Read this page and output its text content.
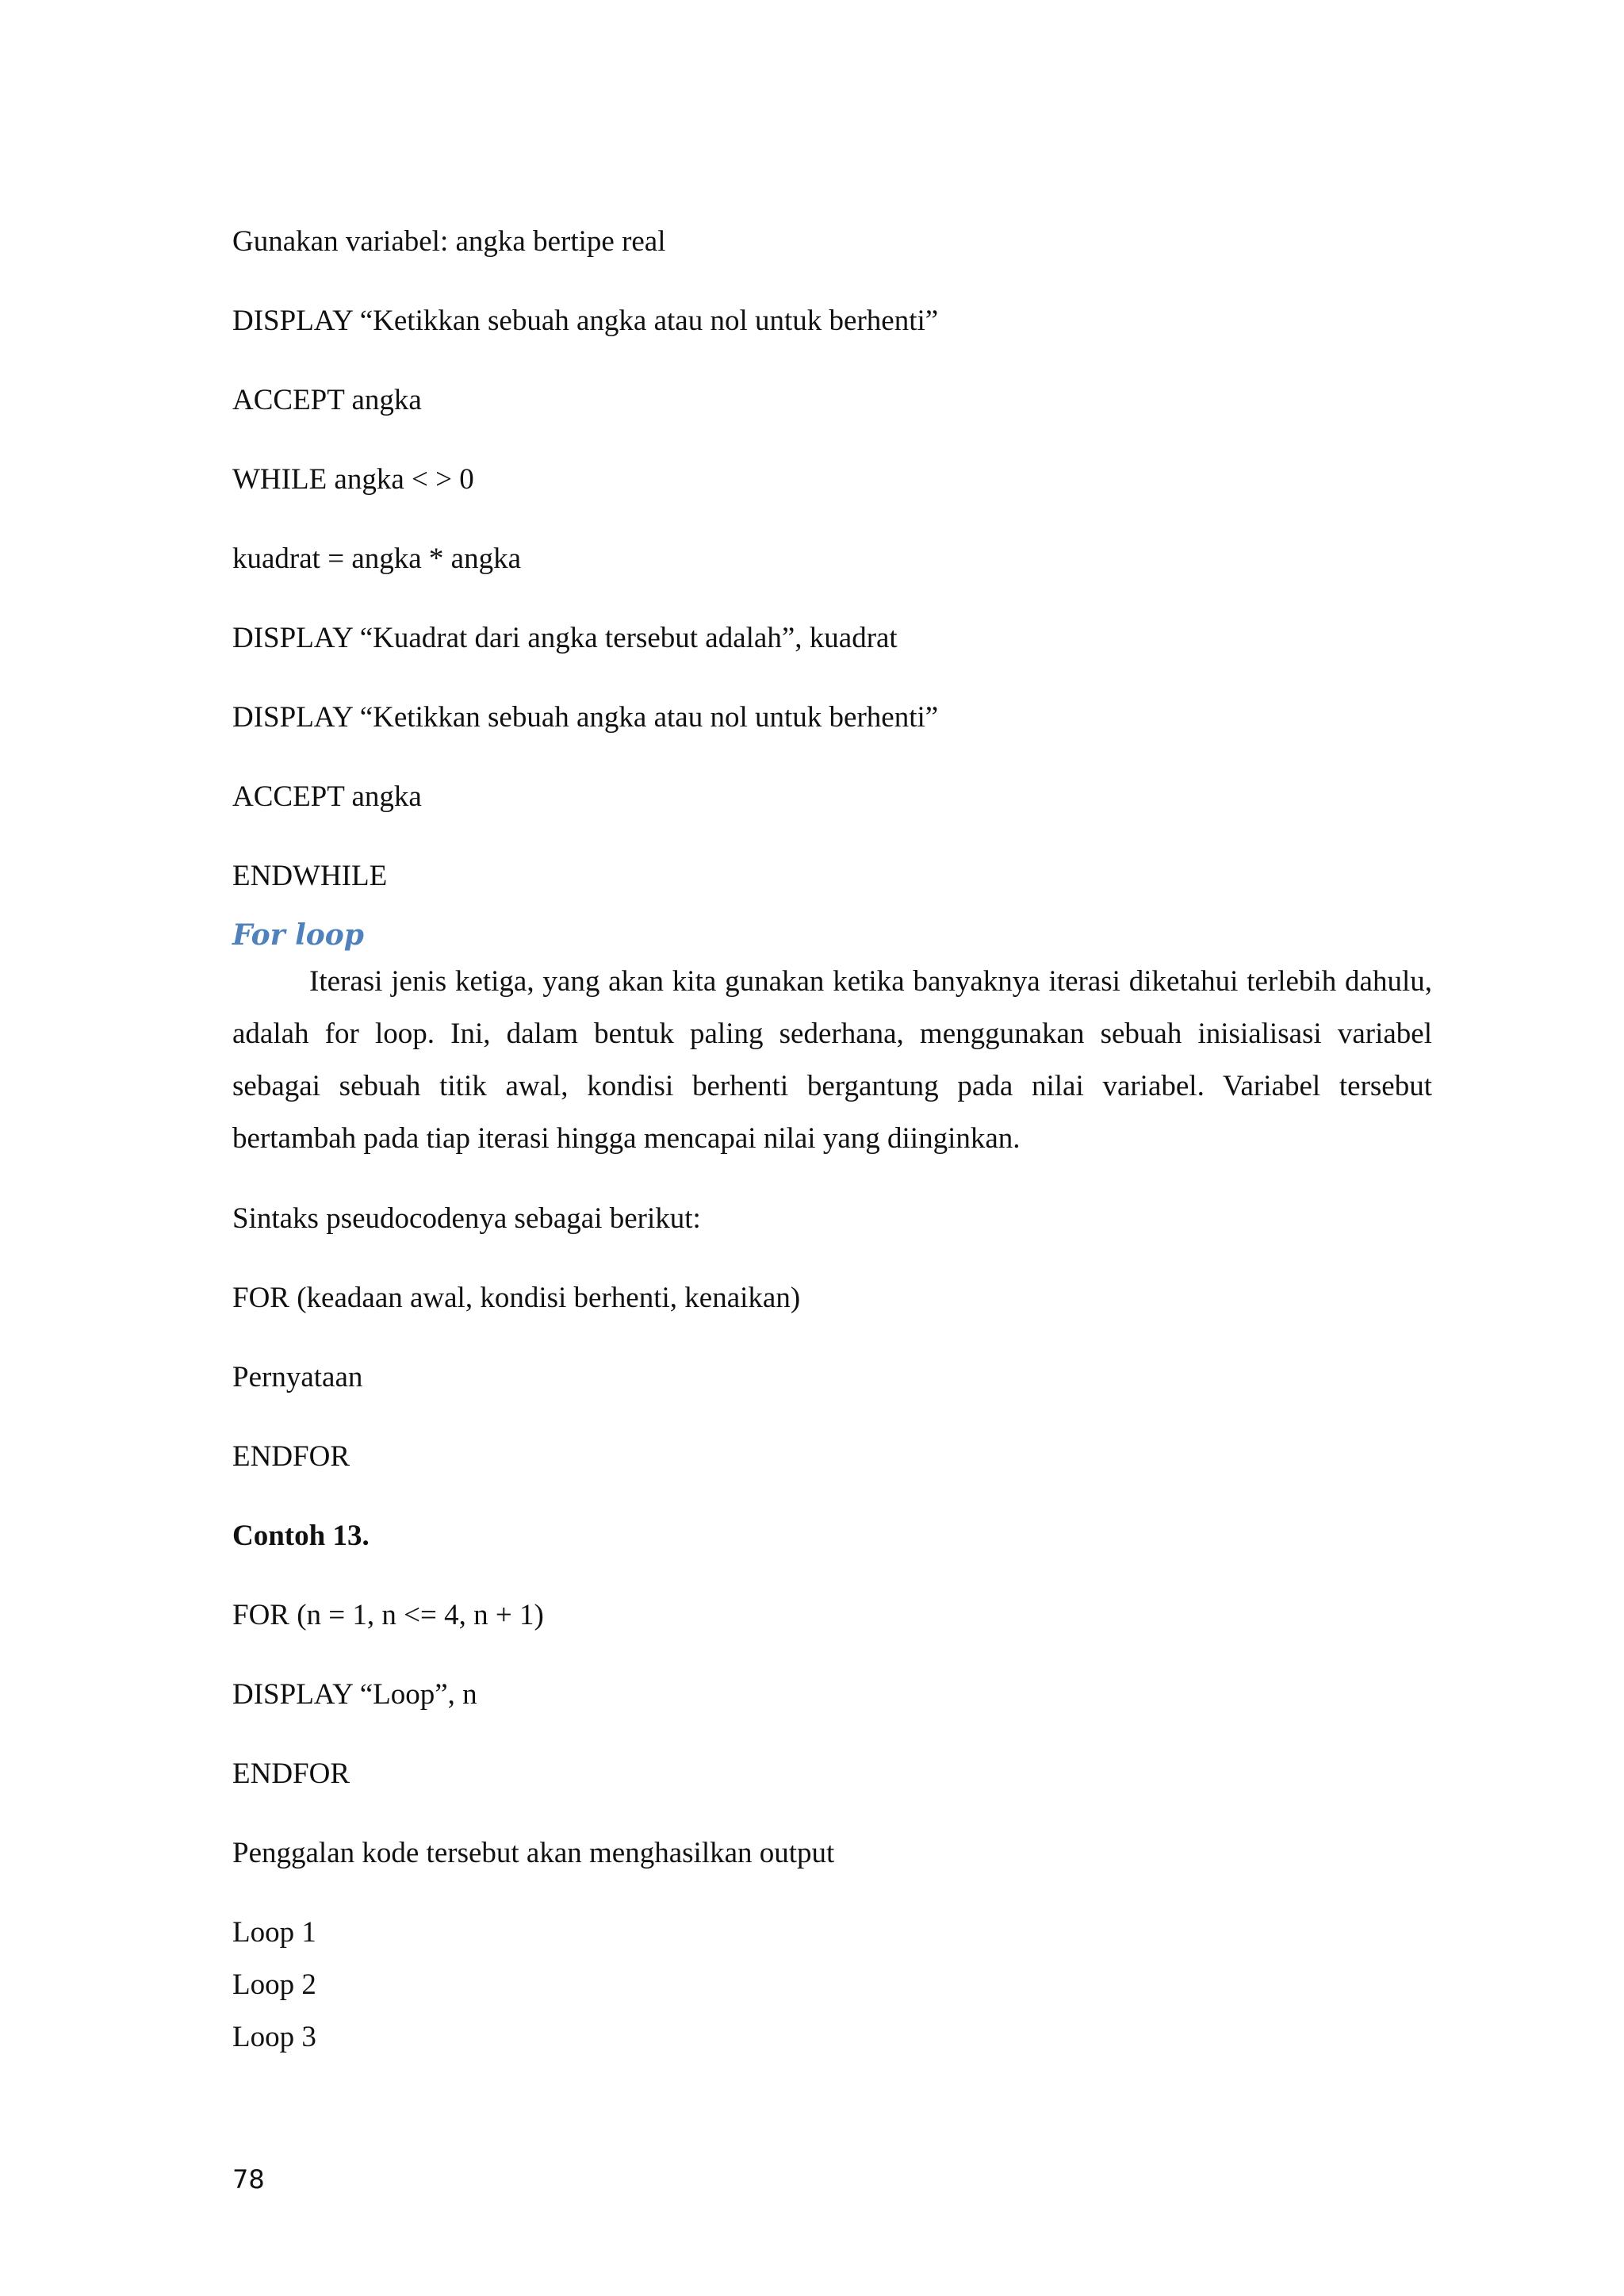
Gunakan variabel: angka bertipe real
DISPLAY “Ketikkan sebuah angka atau nol untuk berhenti”
ACCEPT angka
WHILE angka < > 0
kuadrat = angka * angka
DISPLAY “Kuadrat dari angka tersebut adalah”, kuadrat
DISPLAY “Ketikkan sebuah angka atau nol untuk berhenti”
ACCEPT angka
ENDWHILE
For loop
Iterasi jenis ketiga, yang akan kita gunakan ketika banyaknya iterasi diketahui terlebih dahulu, adalah for loop. Ini, dalam bentuk paling sederhana, menggunakan sebuah inisialisasi variabel sebagai sebuah titik awal, kondisi berhenti bergantung pada nilai variabel. Variabel tersebut bertambah pada tiap iterasi hingga mencapai nilai yang diinginkan.
Sintaks pseudocodenya sebagai berikut:
FOR (keadaan awal, kondisi berhenti, kenaikan)
Pernyataan
ENDFOR
Contoh 13.
FOR (n = 1, n <= 4, n + 1)
DISPLAY “Loop”, n
ENDFOR
Penggalan kode tersebut akan menghasilkan output
Loop 1
Loop 2
Loop 3
78
